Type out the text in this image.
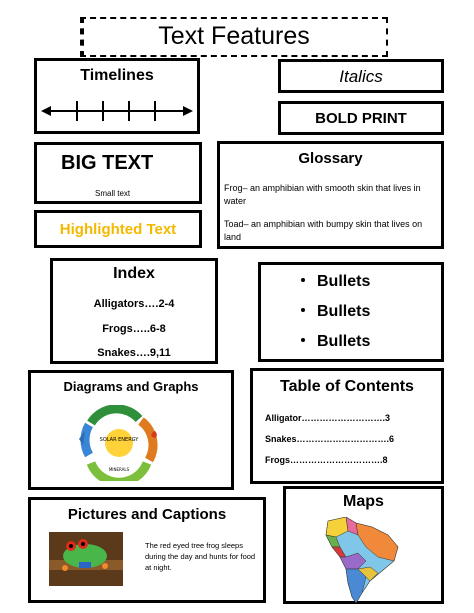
Text Features
Timelines	Italics
BOLD PRINT
BIG TEXT
Small text
Highlighted Text
Glossary
Frog– an amphibian with smooth skin that lives in water
Toad– an amphibian with bumpy skin that lives on land
Index
Alligators….2-4
Frogs…..6-8
Snakes….9,11
Bullets
Bullets
Bullets
Diagrams and Graphs
SOLAR ENERGY
MINERALS
Table of Contents
Alligator……………………….3
Snakes………………………….6
Frogs………………………….8
Pictures and Captions
The red eyed tree frog sleeps during the day and hunts for food at night.
Maps
